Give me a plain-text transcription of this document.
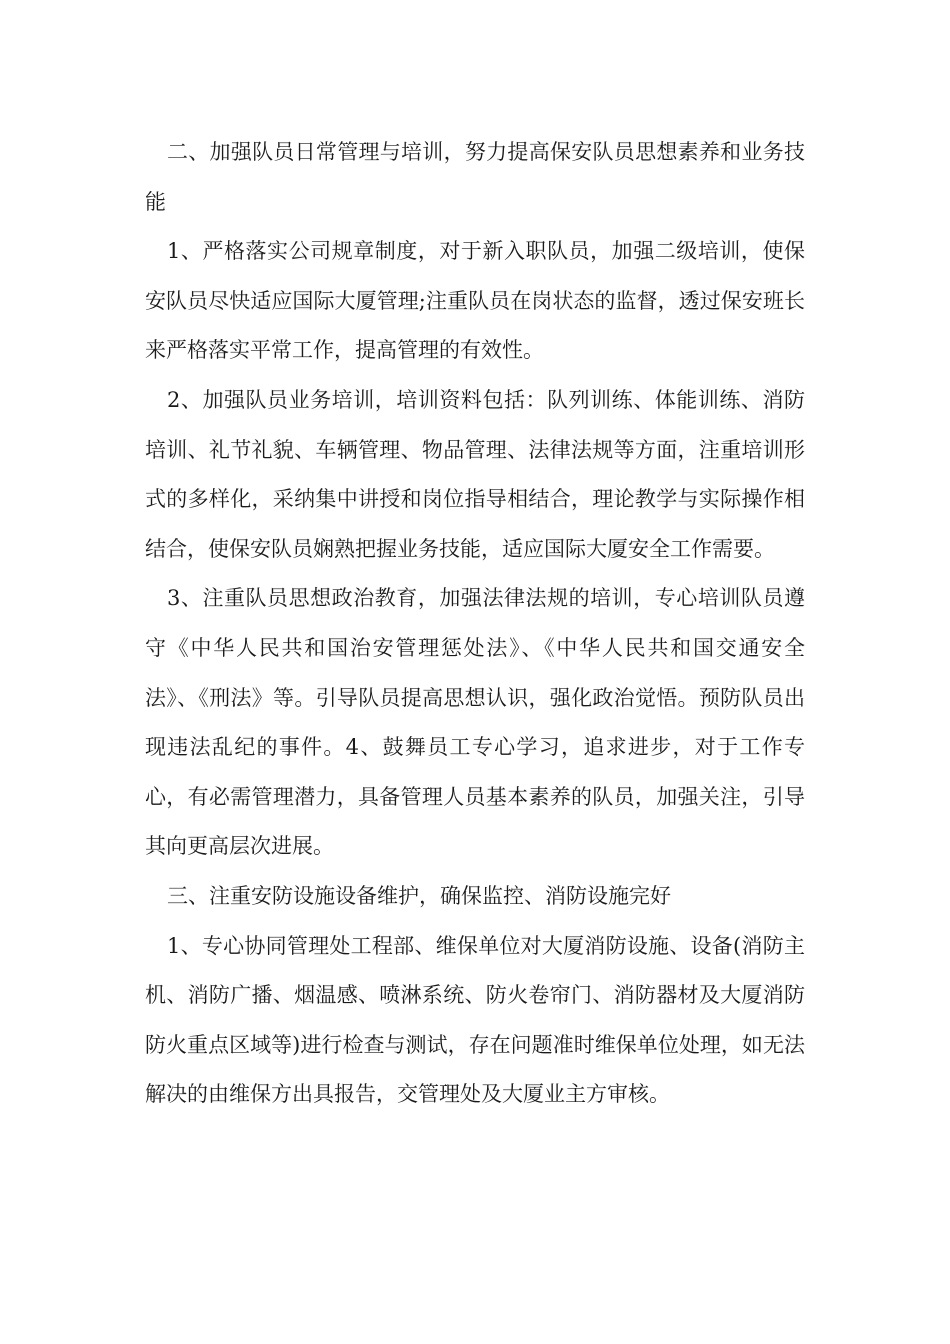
二、加强队员日常管理与培训，努力提高保安队员思想素养和业务技能

1、严格落实公司规章制度，对于新入职队员，加强二级培训，使保安队员尽快适应国际大厦管理;注重队员在岗状态的监督，透过保安班长来严格落实平常工作，提高管理的有效性。

2、加强队员业务培训，培训资料包括：队列训练、体能训练、消防培训、礼节礼貌、车辆管理、物品管理、法律法规等方面，注重培训形式的多样化，采纳集中讲授和岗位指导相结合，理论教学与实际操作相结合，使保安队员娴熟把握业务技能，适应国际大厦安全工作需要。

3、注重队员思想政治教育，加强法律法规的培训，专心培训队员遵守《中华人民共和国治安管理惩处法》、《中华人民共和国交通安全法》、《刑法》等。引导队员提高思想认识，强化政治觉悟。预防队员出现违法乱纪的事件。4、鼓舞员工专心学习，追求进步，对于工作专心，有必需管理潜力，具备管理人员基本素养的队员，加强关注，引导其向更高层次进展。

三、注重安防设施设备维护，确保监控、消防设施完好

1、专心协同管理处工程部、维保单位对大厦消防设施、设备(消防主机、消防广播、烟温感、喷淋系统、防火卷帘门、消防器材及大厦消防防火重点区域等)进行检查与测试，存在问题准时维保单位处理，如无法解决的由维保方出具报告，交管理处及大厦业主方审核。
